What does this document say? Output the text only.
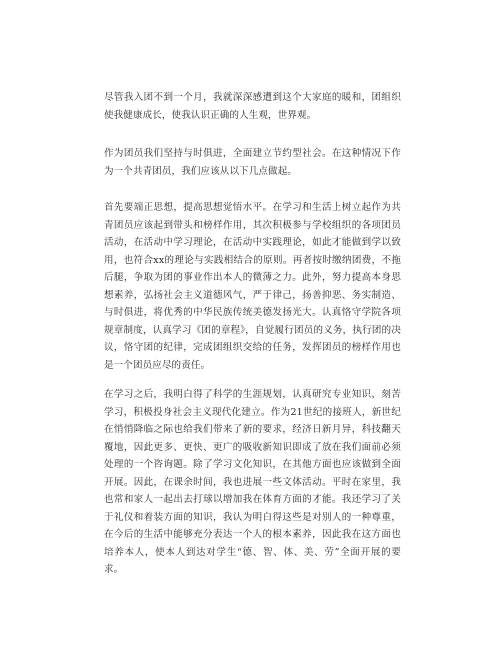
尽管我入团不到一个月，我就深深感遭到这个大家庭的暖和，团组织使我健康成长，使我认识正确的人生观，世界观。

作为团员我们坚持与时俱进，全面建立节约型社会。在这种情况下作为一个共青团员，我们应该从以下几点做起。

首先要端正思想，提高思想觉悟水平。在学习和生活上树立起作为共青团员应该起到带头和榜样作用，其次积极参与学校组织的各项团员活动，在活动中学习理论，在活动中实践理论，如此才能做到学以致用，也符合xx的理论与实践相结合的原则。再者按时缴纳团费，不拖后腿，争取为团的事业作出本人的微薄之力。此外，努力提高本身思想素养，弘扬社会主义道德风气，严于律己，扬善抑恶、务实制造、与时俱进，将优秀的中华民族传统美德发扬光大。认真恪守学院各项规章制度，认真学习《团的章程》，自觉履行团员的义务，执行团的决议，恪守团的纪律，完成团组织交给的任务，发挥团员的榜样作用也是一个团员应尽的责任。

在学习之后，我明白得了科学的生涯规划，认真研究专业知识，刻苦学习，积极投身社会主义现代化建立。作为21世纪的接班人，新世纪在悄悄降临之际也给我们带来了新的要求，经济日新月异，科技翻天覆地，因此更多、更快、更广的吸收新知识即成了放在我们面前必须处理的一个咨询题。除了学习文化知识，在其他方面也应该做到全面开展。因此，在课余时间，我也进展一些文体活动。平时在家里，我也常和家人一起出去打球以增加我在体育方面的才能。我还学习了关于礼仪和着装方面的知识，我认为明白得这些是对别人的一种尊重，在今后的生活中能够充分表达一个人的根本素养，因此我在这方面也培养本人，使本人到达对学生“德、智、体、美、劳”全面开展的要求。
